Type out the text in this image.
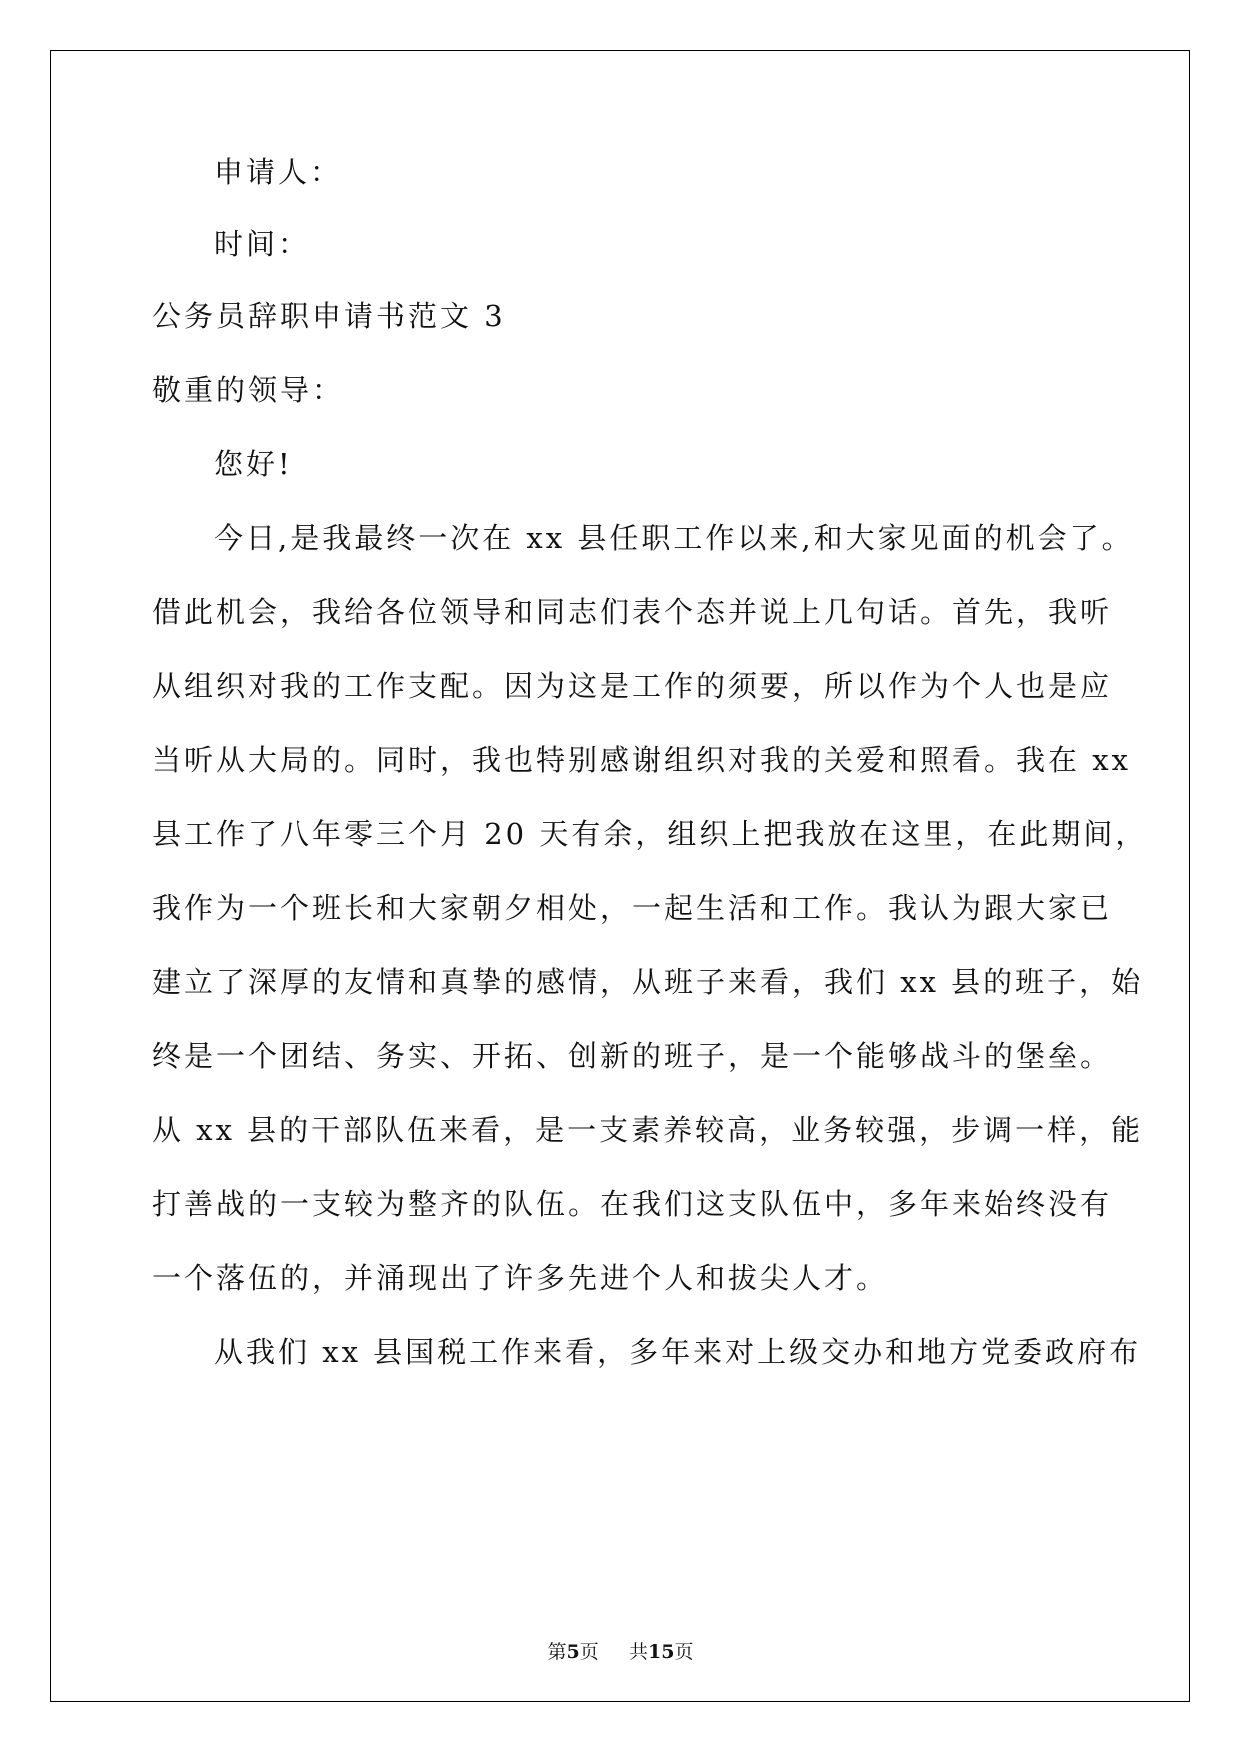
申请人：
时间：
公务员辞职申请书范文 3
敬重的领导：
您好!
今日,是我最终一次在 xx 县任职工作以来,和大家见面的机会了。
借此机会，我给各位领导和同志们表个态并说上几句话。首先，我听
从组织对我的工作支配。因为这是工作的须要，所以作为个人也是应
当听从大局的。同时，我也特别感谢组织对我的关爱和照看。我在 xx
县工作了八年零三个月 20 天有余，组织上把我放在这里，在此期间，
我作为一个班长和大家朝夕相处，一起生活和工作。我认为跟大家已
建立了深厚的友情和真挚的感情，从班子来看，我们 xx 县的班子，始
终是一个团结、务实、开拓、创新的班子，是一个能够战斗的堡垒。
从 xx 县的干部队伍来看，是一支素养较高，业务较强，步调一样，能
打善战的一支较为整齐的队伍。在我们这支队伍中，多年来始终没有
一个落伍的，并涌现出了许多先进个人和拔尖人才。
从我们 xx 县国税工作来看，多年来对上级交办和地方党委政府布
第5页 共15页
